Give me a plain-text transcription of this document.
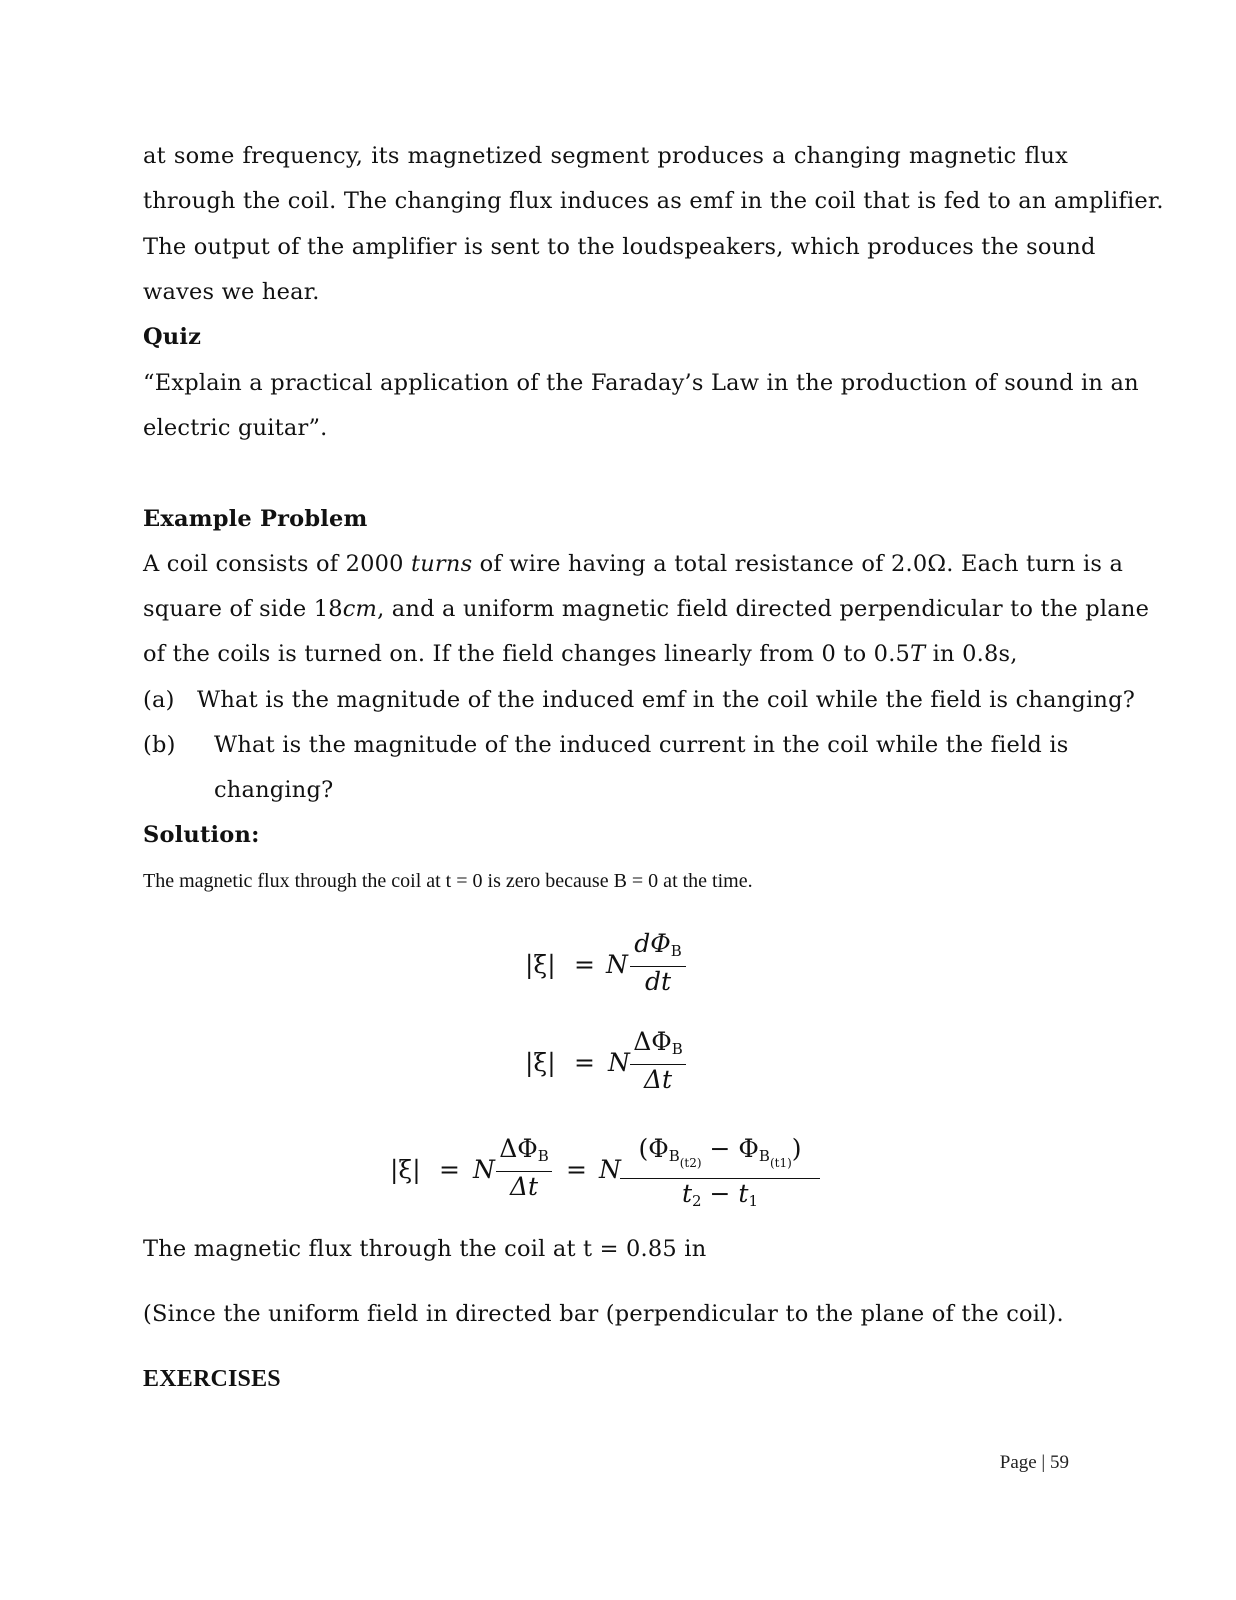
at some frequency, its magnetized segment produces a changing magnetic flux
through the coil. The changing flux induces as emf in the coil that is fed to an amplifier.
The output of the amplifier is sent to the loudspeakers, which produces the sound
waves we hear.
Quiz
“Explain a practical application of the Faraday’s Law in the production of sound in an
electric guitar”.
Example Problem
A coil consists of 2000 turns of wire having a total resistance of 2.0Ω. Each turn is a
square of side 18cm, and a uniform magnetic field directed perpendicular to the plane
of the coils is turned on. If the field changes linearly from 0 to 0.5T in 0.8s,
(a) What is the magnitude of the induced emf in the coil while the field is changing?
(b)	What is the magnitude of the induced current in the coil while the field is
changing?
Solution:
The magnetic flux through the coil at t = 0 is zero because B = 0 at the time.
|ξ| = N
$d\Phi_B$
dt
|ξ| = N
$\Delta\Phi_B$
Δt
|ξ| = N
$\Delta\Phi_B$
Δt
= N
$(\Phi_{B_{(t2)}} - \Phi_{B_{(t1)}})$
$t_2 - t_1$
The magnetic flux through the coil at t = 0.85 in
(Since the uniform field in directed bar (perpendicular to the plane of the coil).
EXERCISES
Page | 59
